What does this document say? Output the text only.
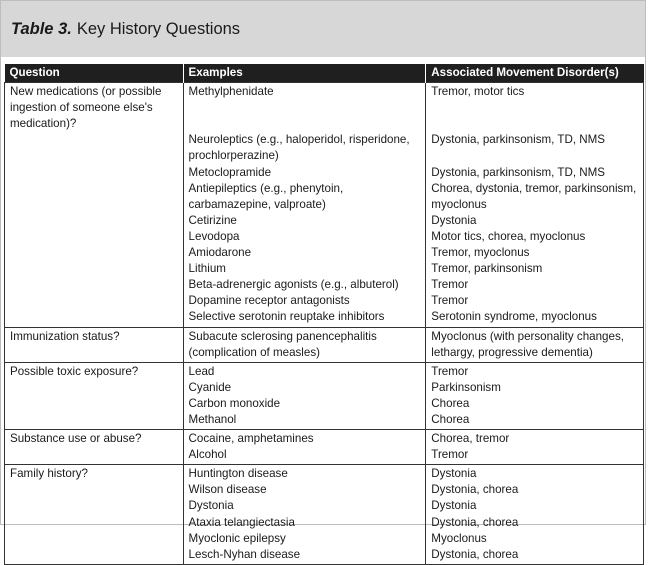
Table 3. Key History Questions
Question	Examples	Associated Movement Disorder(s)
New medications (or possible ingestion of someone else's medication)?	Methylphenidate	Tremor, motor tics
	Neuroleptics (e.g., haloperidol, risperidone, prochlorperazine)	Dystonia, parkinsonism, TD, NMS
	Metoclopramide	Dystonia, parkinsonism, TD, NMS
	Antiepileptics (e.g., phenytoin, carbamazepine, valproate)	Chorea, dystonia, tremor, parkinsonism, myoclonus
	Cetirizine	Dystonia
	Levodopa	Motor tics, chorea, myoclonus
	Amiodarone	Tremor, myoclonus
	Lithium	Tremor, parkinsonism
	Beta-adrenergic agonists (e.g., albuterol)	Tremor
	Dopamine receptor antagonists	Tremor
	Selective serotonin reuptake inhibitors	Serotonin syndrome, myoclonus
Immunization status?	Subacute sclerosing panencephalitis (complication of measles)	Myoclonus (with personality changes, lethargy, progressive dementia)
Possible toxic exposure?	Lead	Tremor
	Cyanide	Parkinsonism
	Carbon monoxide	Chorea
	Methanol	Chorea
Substance use or abuse?	Cocaine, amphetamines	Chorea, tremor
	Alcohol	Tremor
Family history?	Huntington disease	Dystonia
	Wilson disease	Dystonia, chorea
	Dystonia	Dystonia
	Ataxia telangiectasia	Dystonia, chorea
	Myoclonic epilepsy	Myoclonus
	Lesch-Nyhan disease	Dystonia, chorea
